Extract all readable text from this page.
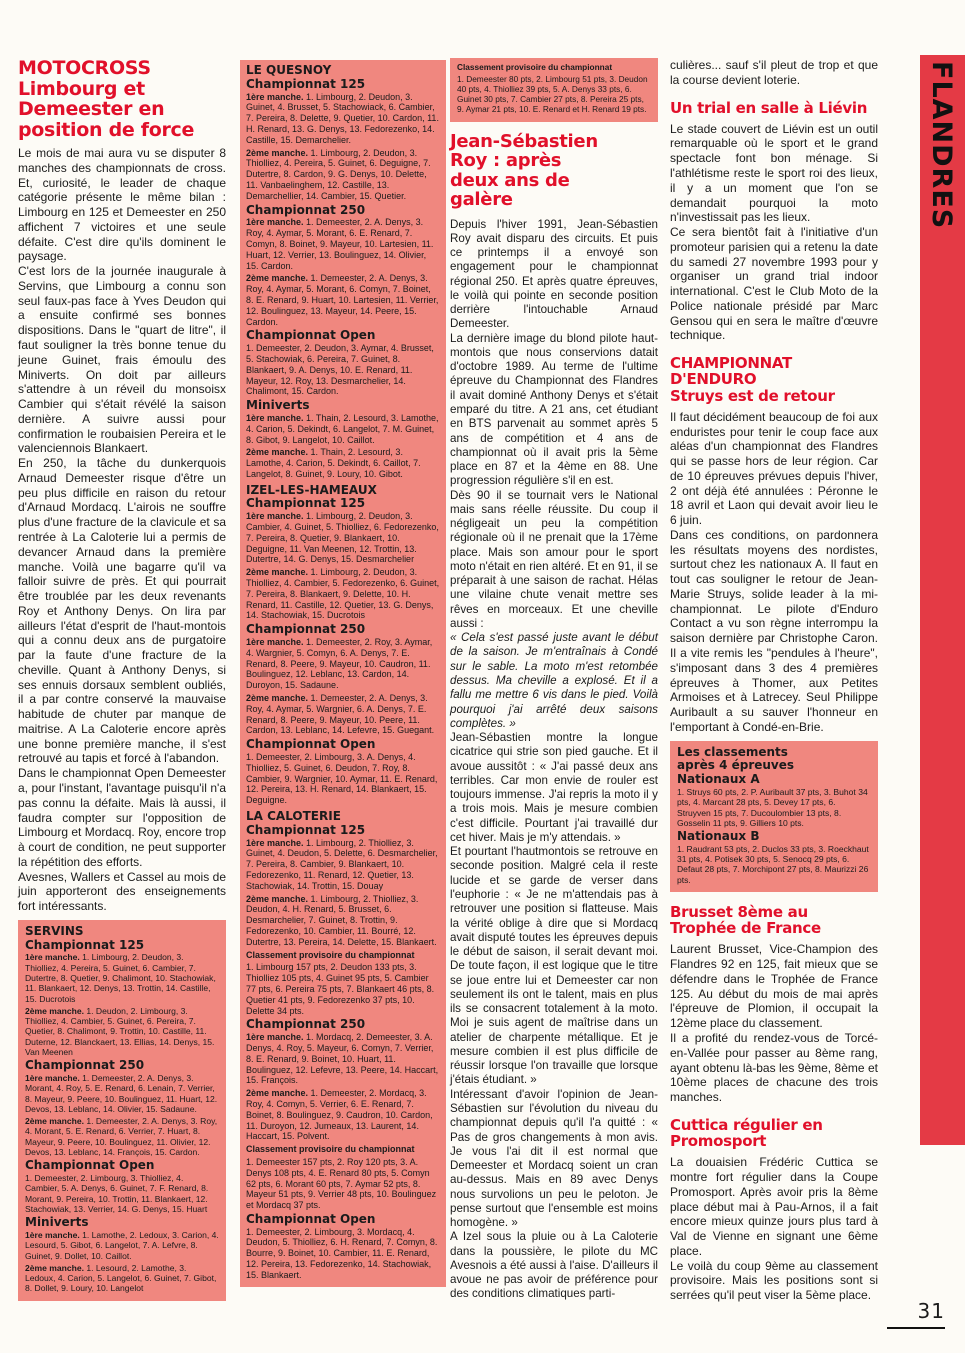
FLANDRES
MOTOCROSS
Limbourg et Demeester en position de force

Le mois de mai aura vu se disputer 8 manches des championnats de cross. Et, curiosité, le leader de chaque catégorie présente le même bilan : Limbourg en 125 et Demeester en 250 affichent 7 victoires et une seule défaite. C'est dire qu'ils dominent le paysage.

C'est lors de la journée inaugurale à Servins, que Limbourg a connu son seul faux-pas face à Yves Deudon qui a ensuite confirmé ses bonnes dispositions. Dans le "quart de litre", il faut souligner la très bonne tenue du jeune Guinet, frais émoulu des Miniverts. On doit par ailleurs s'attendre à un réveil du monsoisx Cambier qui s'était révélé la saison dernière. A suivre aussi pour confirmation le roubaisien Pereira et le valenciennois Blankaert.

En 250, la tâche du dunkerquois Arnaud Demeester risque d'être un peu plus difficile en raison du retour d'Arnaud Mordacq. L'airois ne souffre plus d'une fracture de la clavicule et sa rentrée à La Caloterie lui a permis de devancer Arnaud dans la première manche. Voilà une bagarre qu'il va falloir suivre de près. Et qui pourrait être troublée par les deux revenants Roy et Anthony Denys. On lira par ailleurs l'état d'esprit de l'haut-montois qui a connu deux ans de purgatoire par la faute d'une fracture de la cheville. Quant à Anthony Denys, si ses ennuis dorsaux semblent oubliés, il a par contre conservé la mauvaise habitude de chuter par manque de maitrise. A La Caloterie encore après une bonne première manche, il s'est retrouvé au tapis et forcé à l'abandon.

Dans le championnat Open Demeester a, pour l'instant, l'avantage puisqu'il n'a pas connu la défaite. Mais là aussi, il faudra compter sur l'opposition de Limbourg et Mordacq. Roy, encore trop à court de condition, ne peut supporter la répétition des efforts.

Avesnes, Wallers et Cassel au mois de juin apporteront des enseignements fort intéressants.

SERVINS
Championnat 125
1ère manche. 1. Limbourg, 2. Deudon, 3. Thiolliez, 4. Pereira, 5. Guinet, 6. Cambier, 7. Dutertre, 8. Quetier, 9. Chalimont, 10. Stachowiak, 11. Blankaert, 12. Denys, 13. Trottin, 14. Castille, 15. Ducrotois
2ème manche. 1. Deudon, 2. Limbourg, 3. Thiolliez, 4. Cambier, 5. Guinet, 6. Pereira, 7. Quetier, 8. Chalimont, 9. Trottin, 10. Castille, 11. Duterne, 12. Blanckaert, 13. Ellias, 14. Denys, 15. Van Meenen
Championnat 250
1ère manche. 1. Demeester, 2. A. Denys, 3. Morant, 4. Roy, 5. E. Renard, 6. Lenain, 7. Verrier, 8. Mayeur, 9. Peere, 10. Boulinguez, 11. Huart, 12. Devos, 13. Leblanc, 14. Olivier, 15. Sadaune.
2ème manche. 1. Demeester, 2. A. Denys, 3. Roy, 4. Morant, 5. E. Renard, 6. Verrier, 7. Huart, 8. Mayeur, 9. Peere, 10. Boulinguez, 11. Olivier, 12. Devos, 13. Leblanc, 14. François, 15. Cardon.
Championnat Open
1. Demeester, 2. Limbourg, 3. Thiolliez, 4. Cambier, 5. A. Denys, 6. Guinet, 7. F. Renard, 8. Morant, 9. Pereira, 10. Trottin, 11. Blankaert, 12. Stachowiak, 13. Verrier, 14. G. Denys, 15. Huart
Miniverts
1ère manche. 1. Lamothe, 2. Ledoux, 3. Carion, 4. Lesourd, 5. Gibot, 6. Langelot, 7. A. Lefvre, 8. Guinet, 9. Dollet, 10. Caillot.
2ème manche. 1. Lesourd, 2. Lamothe, 3. Ledoux, 4. Carion, 5. Langelot, 6. Guinet, 7. Gibot, 8. Dollet, 9. Loury, 10. Langelot
LE QUESNOY
Championnat 125
1ère manche. 1. Limbourg, 2. Deudon, 3. Guinet, 4. Brusset, 5. Stachowiack, 6. Cambier, 7. Pereira, 8. Delette, 9. Quetier, 10. Cardon, 11. H. Renard, 13. G. Denys, 13. Fedorezenko, 14. Castille, 15. Demarchelier.
2ème manche. 1. Limbourg, 2. Deudon, 3. Thiolliez, 4. Pereira, 5. Guinet, 6. Deguigne, 7. Dutertre, 8. Cardon, 9. G. Denys, 10. Delette, 11. Vanbaelinghem, 12. Castille, 13. Demarchellier, 14. Cambier, 15. Quetier.
Championnat 250
1ère manche. 1. Demeester, 2. A. Denys, 3. Roy, 4. Aymar, 5. Morant, 6. E. Renard, 7. Comyn, 8. Boinet, 9. Mayeur, 10. Lartesien, 11. Huart, 12. Verrier, 13. Boulinguez, 14. Olivier, 15. Cardon.
2ème manche. 1. Demeester, 2. A. Denys, 3. Roy, 4. Aymar, 5. Morant, 6. Comyn, 7. Boinet, 8. E. Renard, 9. Huart, 10. Lartesien, 11. Verrier, 12. Boulinguez, 13. Mayeur, 14. Peere, 15. Cardon.
Championnat Open
1. Demeester, 2. Deudon, 3. Aymar, 4. Brusset, 5. Stachowiak, 6. Pereira, 7. Guinet, 8. Blankaert, 9. A. Denys, 10. E. Renard, 11. Mayeur, 12. Roy, 13. Desmarchelier, 14. Chalimont, 15. Cardon.
Miniverts
1ère manche. 1. Thain, 2. Lesourd, 3. Lamothe, 4. Carion, 5. Dekindt, 6. Langelot, 7. M. Guinet, 8. Gibot, 9. Langelot, 10. Caillot.
2ème manche. 1. Thain, 2. Lesourd, 3. Lamothe, 4. Carion, 5. Dekindt, 6. Caillot, 7. Langelot, 8. Guinet, 9. Loury, 10. Gibot.
IZEL-LES-HAMEAUX
Championnat 125
1ère manche. 1. Limbourg, 2. Deudon, 3. Cambier, 4. Guinet, 5. Thiolliez, 6. Fedorezenko, 7. Pereira, 8. Quetier, 9. Blankaert, 10. Deguigne, 11. Van Meenen, 12. Trottin, 13. Dutertre, 14. G. Denys, 15. Desmarchelier
2ème manche. 1. Limbourg, 2. Deudon, 3. Thiolliez, 4. Cambier, 5. Fedorezenko, 6. Guinet, 7. Pereira, 8. Blankaert, 9. Delette, 10. H. Renard, 11. Castille, 12. Quetier, 13. G. Denys, 14. Stachowiak, 15. Ducrotois
Championnat 250
1ère manche. 1. Demeester, 2. Roy, 3. Aymar, 4. Wargnier, 5. Comyn, 6. A. Denys, 7. E. Renard, 8. Peere, 9. Mayeur, 10. Caudron, 11. Boulinguez, 12. Leblanc, 13. Cardon, 14. Duroyon, 15. Sadaune.
2ème manche. 1. Demeester, 2. A. Denys, 3. Roy, 4. Aymar, 5. Wargnier, 6. A. Denys, 7. E. Renard, 8. Peere, 9. Mayeur, 10. Peere, 11. Cardon, 13. Leblanc, 14. Lefevre, 15. Guegant.
Championnat Open
1. Demeester, 2. Limbourg, 3. A. Denys, 4. Thiolliez, 5. Guinet, 6. Deudon, 7. Roy, 8. Cambier, 9. Wargnier, 10. Aymar, 11. E. Renard, 12. Pereira, 13. H. Renard, 14. Blankaert, 15. Deguigne.
LA CALOTERIE
Championnat 125
1ère manche. 1. Limbourg, 2. Thiolliez, 3. Guinet, 4. Deudon, 5. Delette, 6. Desmarchelier, 7. Pereira, 8. Cambier, 9. Blankaert, 10. Fedorezenko, 11. Renard, 12. Quetier, 13. Stachowiak, 14. Trottin, 15. Douay
2ème manche. 1. Limbourg, 2. Thiolliez, 3. Deudon, 4. H. Renard, 5. Brusset, 6. Desmarchelier, 7. Guinet, 8. Trottin, 9. Fedorezenko, 10. Cambier, 11. Bourré, 12. Dutertre, 13. Pereira, 14. Delette, 15. Blankaert.
Classement provisoire du championnat
1. Limbourg 157 pts, 2. Deudon 133 pts, 3. Thiolliez 105 pts, 4. Guinet 95 pts, 5. Cambier 77 pts, 6. Pereira 75 pts, 7. Blankaert 46 pts, 8. Quetier 41 pts, 9. Fedorezenko 37 pts, 10. Delette 34 pts.
Championnat 250
1ère manche. 1. Mordacq, 2. Demeester, 3. A. Denys, 4. Roy, 5. Mayeur, 6. Comyn, 7. Verrier, 8. E. Renard, 9. Boinet, 10. Huart, 11. Boulinguez, 12. Lefevre, 13. Peere, 14. Haccart, 15. François.
2ème manche. 1. Demeester, 2. Mordacq, 3. Roy, 4. Comyn, 5. Verrier, 6. E. Renard, 7. Boinet, 8. Boulinguez, 9. Caudron, 10. Cardon, 11. Duroyon, 12. Jumeaux, 13. Laurent, 14. Haccart, 15. Polvent.
Classement provisoire du championnat
1. Demeester 157 pts, 2. Roy 120 pts, 3. A. Denys 108 pts, 4. E. Renard 80 pts, 5. Comyn 62 pts, 6. Morant 60 pts, 7. Aymar 52 pts, 8. Mayeur 51 pts, 9. Verrier 48 pts, 10. Boulinguez et Mordacq 37 pts.
Championnat Open
1. Demeester, 2. Limbourg, 3. Mordacq, 4. Deudon, 5. Thiolliez, 6. H. Renard, 7. Comyn, 8. Bourre, 9. Boinet, 10. Cambier, 11. E. Renard, 12. Pereira, 13. Fedorezenko, 14. Stachowiak, 15. Blankaert.
Classement provisoire du championnat
1. Demeester 80 pts, 2. Limbourg 51 pts, 3. Deudon 40 pts, 4. Thiolliez 39 pts, 5. A. Denys 33 pts, 6. Guinet 30 pts, 7. Cambier 27 pts, 8. Pereira 25 pts, 9. Aymar 21 pts, 10. E. Renard et H. Renard 19 pts.
Jean-Sébastien Roy : après deux ans de galère

Depuis l'hiver 1991, Jean-Sébastien Roy avait disparu des circuits. Et puis ce printemps il a envoyé son engagement pour le championnat régional 250. Et après quatre épreuves, le voilà qui pointe en seconde position derrière l'intouchable Arnaud Demeester.

La dernière image du blond pilote haut-montois que nous conservions datait d'octobre 1989. Au terme de l'ultime épreuve du Championnat des Flandres il avait dominé Anthony Denys et s'était emparé du titre. A 21 ans, cet étudiant en BTS parvenait au sommet après 5 ans de compétition et 4 ans de championnat où il avait pris la 5ème place en 87 et la 4ème en 88. Une progression régulière s'il en est.

Dès 90 il se tournait vers le National mais sans réelle réussite. Du coup il négligeait un peu la compétition régionale où il ne prenait que la 17ème place. Mais son amour pour le sport moto n'était en rien altéré. Et en 91, il se préparait à une saison de rachat. Hélas une vilaine chute venait mettre ses rêves en morceaux. Et une cheville aussi :

« Cela s'est passé juste avant le début de la saison. Je m'entraînais à Condé sur le sable. La moto m'est retombée dessus. Ma cheville a explosé. Et il a fallu me mettre 6 vis dans le pied. Voilà pourquoi j'ai arrêté deux saisons complètes. »

Jean-Sébastien montre la longue cicatrice qui strie son pied gauche. Et il avoue aussitôt : « J'ai passé deux ans terribles. Car mon envie de rouler est toujours immense. J'ai repris la moto il y a trois mois. Mais je mesure combien c'est difficile. Pourtant j'ai travaillé dur cet hiver. Mais je m'y attendais. »

Et pourtant l'hautmontois se retrouve en seconde position. Malgré cela il reste lucide et se garde de verser dans l'euphorie : « Je ne m'attendais pas à retrouver une position si flatteuse. Mais la vérité oblige à dire que si Mordacq avait disputé toutes les épreuves depuis le début de saison, il serait devant moi. De toute façon, il est logique que le titre se joue entre lui et Demeester car non seulement ils ont le talent, mais en plus ils se consacrent totalement à la moto. Moi je suis agent de maîtrise dans un atelier de charpente métallique. Et je mesure combien il est plus difficile de réussir lorsque l'on travaille que lorsque j'étais étudiant. »

Intéressant d'avoir l'opinion de Jean-Sébastien sur l'évolution du niveau du championnat depuis qu'il l'a quitté : « Pas de gros changements à mon avis. Je vous l'ai dit il est normal que Demeester et Mordacq soient un cran au-dessus. Mais en 89 avec Denys nous survolions un peu le peloton. Je pense surtout que l'ensemble est moins homogène. »

A Izel sous la pluie ou à La Caloterie dans la poussière, le pilote du MC Avesnois a été aussi à l'aise. D'ailleurs il avoue ne pas avoir de préférence pour des conditions climatiques parti-

culières... sauf s'il pleut de trop et que la course devient loterie.
Un trial en salle à Liévin

Le stade couvert de Liévin est un outil remarquable où le sport et le grand spectacle font bon ménage. Si l'athlétisme reste le sport roi des lieux, il y a un moment que l'on se demandait pourquoi la moto n'investissait pas les lieux.

Ce sera bientôt fait à l'initiative d'un promoteur parisien qui a retenu la date du samedi 27 novembre 1993 pour y organiser un grand trial indoor international. C'est le Club Moto de la Police nationale présidé par Marc Gensou qui en sera le maître d'œuvre technique.

CHAMPIONNAT D'ENDURO
Struys est de retour

Il faut décidément beaucoup de foi aux enduristes pour tenir le coup face aux aléas d'un championnat des Flandres qui se passe hors de leur région. Car de 10 épreuves prévues depuis l'hiver, 2 ont déjà été annulées : Péronne le 18 avril et Laon qui devait avoir lieu le 6 juin.

Dans ces conditions, on pardonnera les résultats moyens des nordistes, surtout chez les nationaux A. Il faut en tout cas souligner le retour de Jean-Marie Struys, solide leader à la mi-championnat. Le pilote d'Enduro Contact a vu son règne interrompu la saison dernière par Christophe Caron. Il a vite remis les "pendules à l'heure", s'imposant dans 3 des 4 premières épreuves à Thomer, aux Petites Armoises et à Latrecey. Seul Philippe Auribault a su sauver l'honneur en l'emportant à Condé-en-Brie.

Les classements
après 4 épreuves
Nationaux A
1. Struys 60 pts, 2. P. Auribault 37 pts, 3. Buhot 34 pts, 4. Marcant 28 pts, 5. Devey 17 pts, 6. Struyven 15 pts, 7. Ducoulombier 13 pts, 8. Gosselin 11 pts, 9. Gilliers 10 pts.
Nationaux B
1. Raudrant 53 pts, 2. Duclos 33 pts, 3. Roeckhaut 31 pts, 4. Potisek 30 pts, 5. Senocq 29 pts, 6. Defaut 28 pts, 7. Morchipont 27 pts, 8. Maurizzi 26 pts.
Brusset 8ème au Trophée de France

Laurent Brusset, Vice-Champion des Flandres 92 en 125, fait mieux que se défendre dans le Trophée de France 125. Au début du mois de mai après l'épreuve de Plomion, il occupait la 12ème place du classement.

Il a profité du rendez-vous de Torcé-en-Vallée pour passer au 8ème rang, ayant obtenu là-bas les 9ème, 8ème et 10ème places de chacune des trois manches.

Cuttica régulier en Promosport

La douaisien Frédéric Cuttica se montre fort régulier dans la Coupe Promosport. Après avoir pris la 8ème place début mai à Pau-Arnos, il a fait encore mieux quinze jours plus tard à Val de Vienne en signant une 6ème place.

Le voilà du coup 9ème au classement provisoire. Mais les positions sont si serrées qu'il peut viser la 5ème place.

31
